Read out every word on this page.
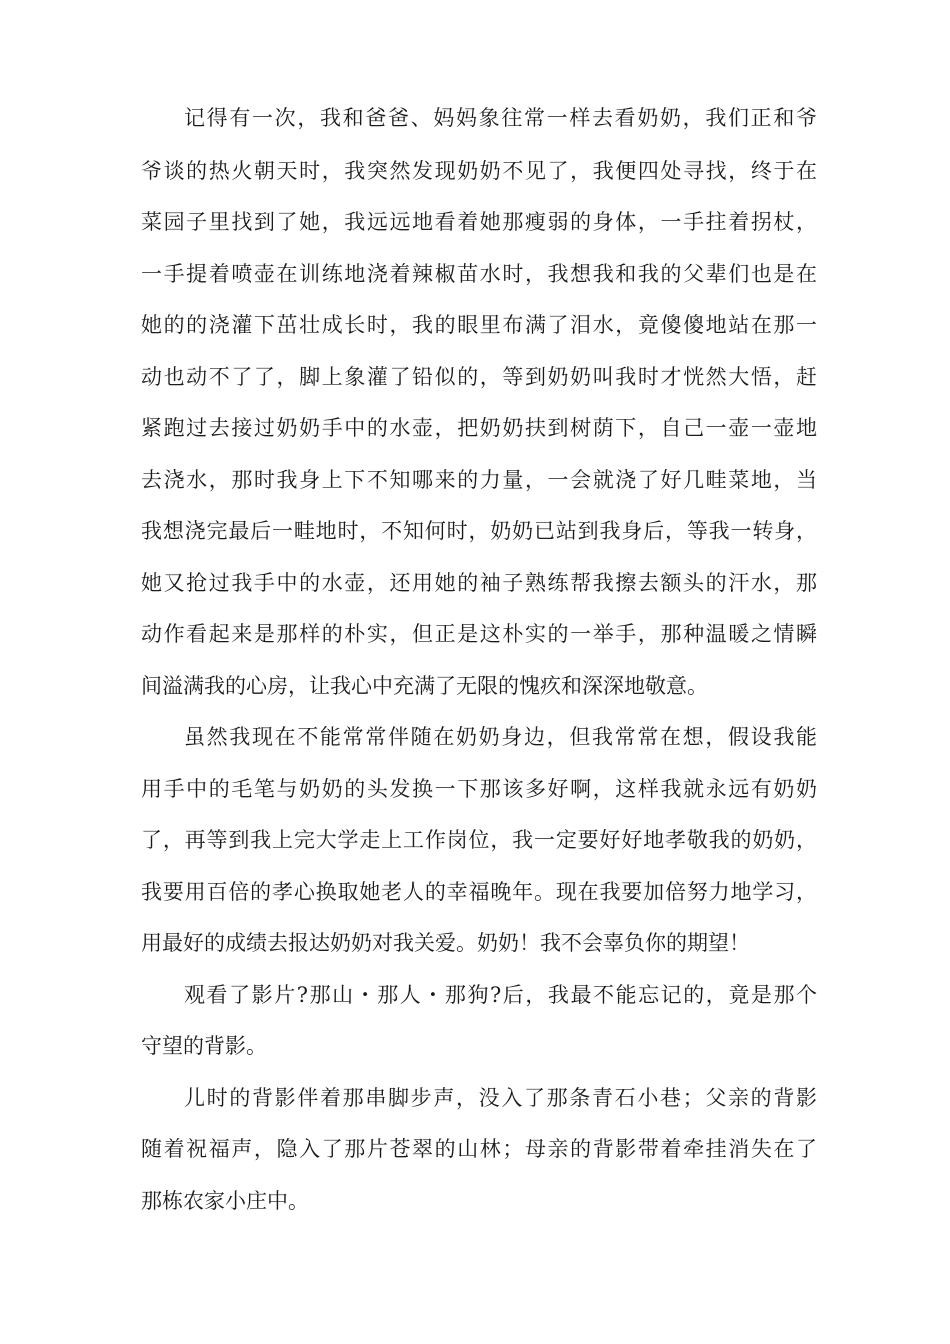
记得有一次，我和爸爸、妈妈象往常一样去看奶奶，我们正和爷
爷谈的热火朝天时，我突然发现奶奶不见了，我便四处寻找，终于在
菜园子里找到了她，我远远地看着她那瘦弱的身体，一手拄着拐杖，
一手提着喷壶在训练地浇着辣椒苗水时，我想我和我的父辈们也是在
她的的浇灌下茁壮成长时，我的眼里布满了泪水，竟傻傻地站在那一
动也动不了了，脚上象灌了铅似的，等到奶奶叫我时才恍然大悟，赶
紧跑过去接过奶奶手中的水壶，把奶奶扶到树荫下，自己一壶一壶地
去浇水，那时我身上下不知哪来的力量，一会就浇了好几畦菜地，当
我想浇完最后一畦地时，不知何时，奶奶已站到我身后，等我一转身，
她又抢过我手中的水壶，还用她的袖子熟练帮我擦去额头的汗水，那
动作看起来是那样的朴实，但正是这朴实的一举手，那种温暖之情瞬
间溢满我的心房，让我心中充满了无限的愧疚和深深地敬意。
虽然我现在不能常常伴随在奶奶身边，但我常常在想，假设我能
用手中的毛笔与奶奶的头发换一下那该多好啊，这样我就永远有奶奶
了，再等到我上完大学走上工作岗位，我一定要好好地孝敬我的奶奶，
我要用百倍的孝心换取她老人的幸福晚年。现在我要加倍努力地学习，
用最好的成绩去报达奶奶对我关爱。奶奶！我不会辜负你的期望！
观看了影片?那山・那人・那狗?后，我最不能忘记的，竟是那个
守望的背影。
儿时的背影伴着那串脚步声，没入了那条青石小巷；父亲的背影
随着祝福声，隐入了那片苍翠的山林；母亲的背影带着牵挂消失在了
那栋农家小庄中。
